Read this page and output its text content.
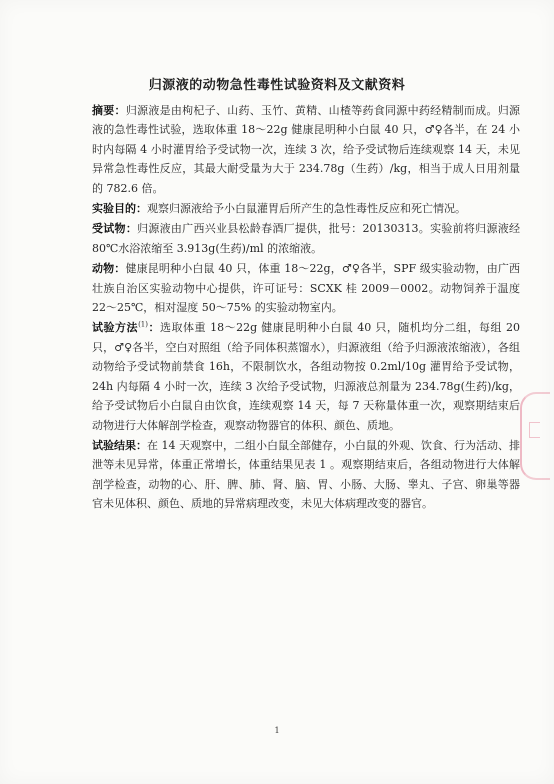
归源液的动物急性毒性试验资料及文献资料

摘要：归源液是由枸杞子、山药、玉竹、黄精、山楂等药食同源中药经精制而成。归源液的急性毒性试验，选取体重 18～22g 健康昆明种小白鼠 40 只，♂♀各半，在 24 小时内每隔 4 小时灌胃给予受试物一次，连续 3 次，给予受试物后连续观察 14 天，未见异常急性毒性反应，其最大耐受量为大于 234.78g（生药）/kg，相当于成人日用剂量的 782.6 倍。

实验目的：观察归源液给予小白鼠灌胃后所产生的急性毒性反应和死亡情况。

受试物：归源液由广西兴业县松龄春酒厂提供，批号：20130313。实验前将归源液经 80℃水浴浓缩至 3.913g(生药)/ml 的浓缩液。

动物：健康昆明种小白鼠 40 只，体重 18～22g，♂♀各半，SPF 级实验动物，由广西壮族自治区实验动物中心提供，许可证号：SCXK 桂 2009－0002。动物饲养于温度 22～25℃，相对湿度 50～75% 的实验动物室内。

试验方法$^{(1)}$：选取体重 18～22g 健康昆明种小白鼠 40 只，随机均分二组，每组 20 只，♂♀各半，空白对照组（给予同体积蒸馏水），归源液组（给予归源液浓缩液），各组动物给予受试物前禁食 16h，不限制饮水，各组动物按 0.2ml/10g 灌胃给予受试物，24h 内每隔 4 小时一次，连续 3 次给予受试物，归源液总剂量为 234.78g(生药)/kg，给予受试物后小白鼠自由饮食，连续观察 14 天，每 7 天称量体重一次，观察期结束后动物进行大体解剖学检查，观察动物器官的体积、颜色、质地。

试验结果：在 14 天观察中，二组小白鼠全部健存，小白鼠的外观、饮食、行为活动、排泄等未见异常，体重正常增长，体重结果见表 1 。观察期结束后，各组动物进行大体解剖学检查，动物的心、肝、脾、肺、肾、脑、胃、小肠、大肠、睾丸、子宫、卵巢等器官未见体积、颜色、质地的异常病理改变，未见大体病理改变的器官。

1
